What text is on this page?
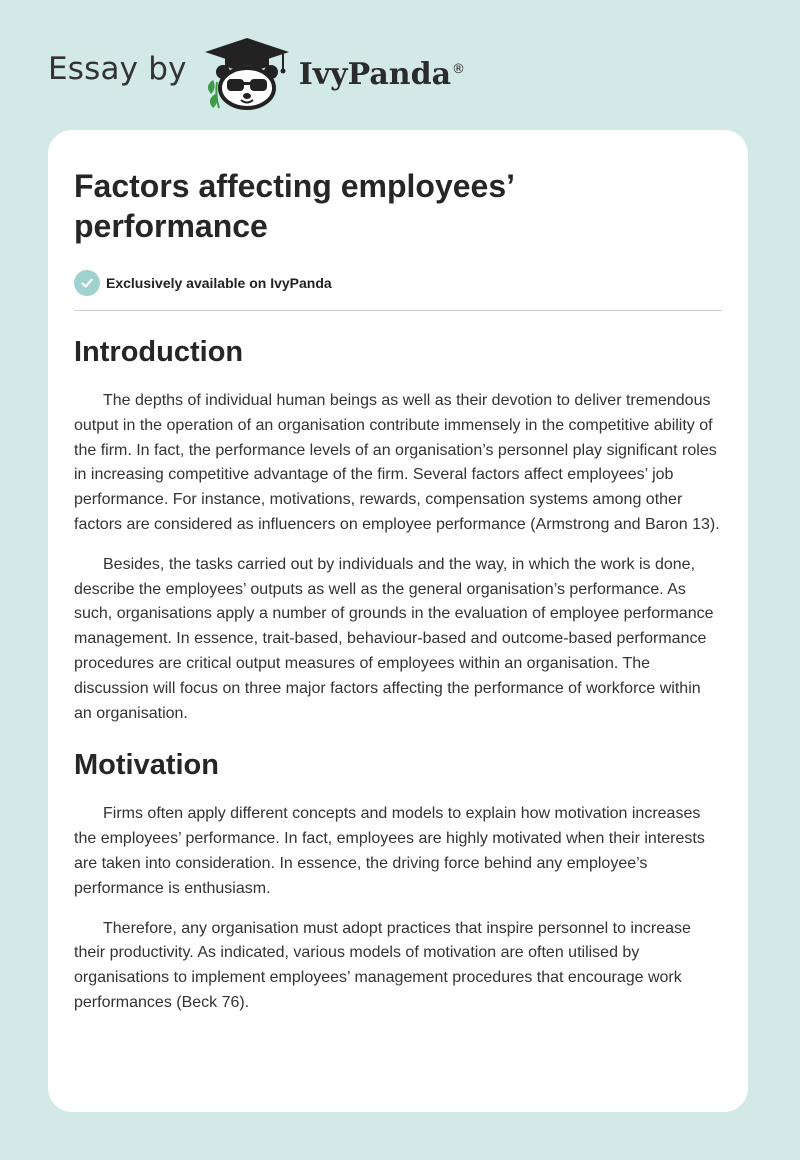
Essay by	IvyPanda®
Factors affecting employees’ performance
Exclusively available on IvyPanda
Introduction

The depths of individual human beings as well as their devotion to deliver tremendous output in the operation of an organisation contribute immensely in the competitive ability of the firm. In fact, the performance levels of an organisation’s personnel play significant roles in increasing competitive advantage of the firm. Several factors affect employees’ job performance. For instance, motivations, rewards, compensation systems among other factors are considered as influencers on employee performance (Armstrong and Baron 13).

Besides, the tasks carried out by individuals and the way, in which the work is done, describe the employees’ outputs as well as the general organisation’s performance. As such, organisations apply a number of grounds in the evaluation of employee performance management. In essence, trait-based, behaviour-based and outcome-based performance procedures are critical output measures of employees within an organisation. The discussion will focus on three major factors affecting the performance of workforce within an organisation.

Motivation

Firms often apply different concepts and models to explain how motivation increases the employees’ performance. In fact, employees are highly motivated when their interests are taken into consideration. In essence, the driving force behind any employee’s performance is enthusiasm.

Therefore, any organisation must adopt practices that inspire personnel to increase their productivity. As indicated, various models of motivation are often utilised by organisations to implement employees’ management procedures that encourage work performances (Beck 76).
